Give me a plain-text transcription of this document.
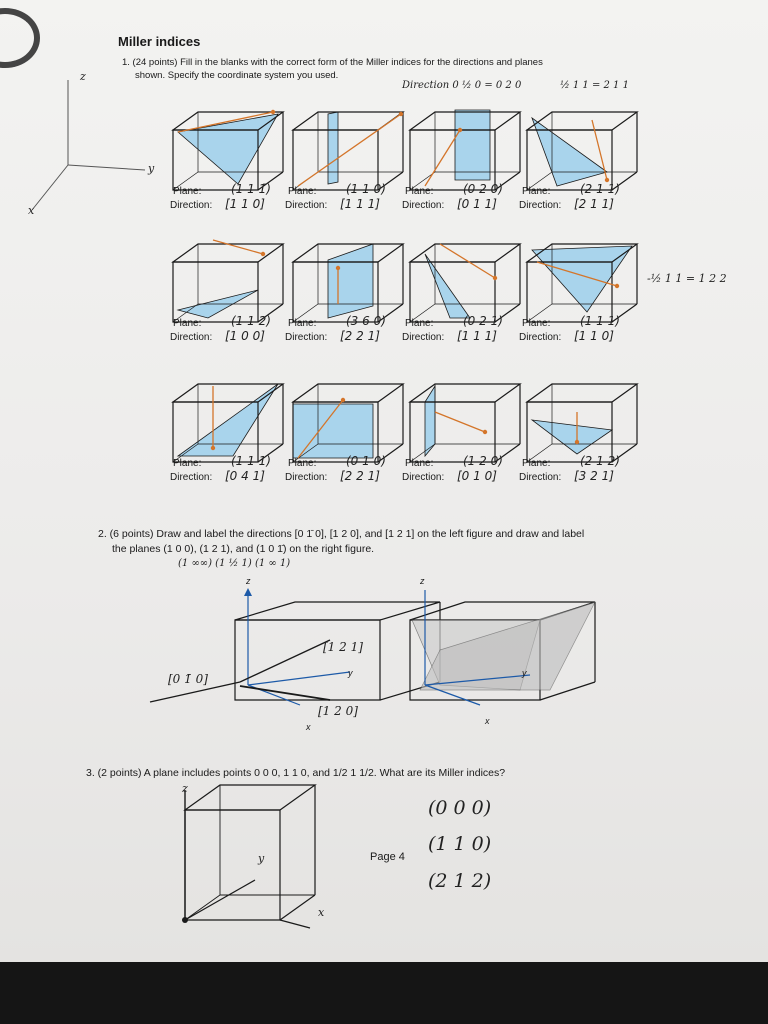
z
y
x
Miller indices
1. (24 points) Fill in the blanks with the correct form of the Miller indices for the directions and planes
shown. Specify the coordinate system you used.
Direction 0 ½ 0 = 0 2 0	½ 1 1 = 2 1 1
-½ 1 1 = 1 2 2
Plane:
Direction:
(1 1 1̄)
[1 1 0]
Plane:
Direction:
(1 1 0)
[1 1 1]
Plane:
Direction:
(0 2 0)
[0 1 1]
Plane:
Direction:
(2 1 1)
[2 1 1]
Plane:
Direction:
(1 1 2)
[1 0 0]
Plane:
Direction:
(3 6 0)
[2 2 1]
Plane:
Direction:
(0 2 1)
[1 1 1]
Plane:
Direction:
(1 1 1)
[1 1 0]
Plane:
Direction:
(1 1 1)
[0 4 1]
Plane:
Direction:
(0 1 0)
[2 2 1]
Plane:
Direction:
(1 2 0)
[0 1 0]
Plane:
Direction:
(2 1 2)
[3 2 1]
2. (6 points) Draw and label the directions [0 1̄ 0], [1 2 0], and [1 2 1] on the left figure and draw and label
the planes (1 0 0), (1 2 1), and (1 0 1̄) on the right figure.
(1 ∞∞) (1 ½ 1) (1 ∞ 1)
z
y
x
[1 2 1]
[0 1̄ 0]
[1 2 0]
z
y
x
3. (2 points) A plane includes points 0 0 0, 1 1 0, and 1/2 1 1/2. What are its Miller indices?
z
y
x
(0 0 0)
(1 1 0)
(2 1 2)
Page 4
